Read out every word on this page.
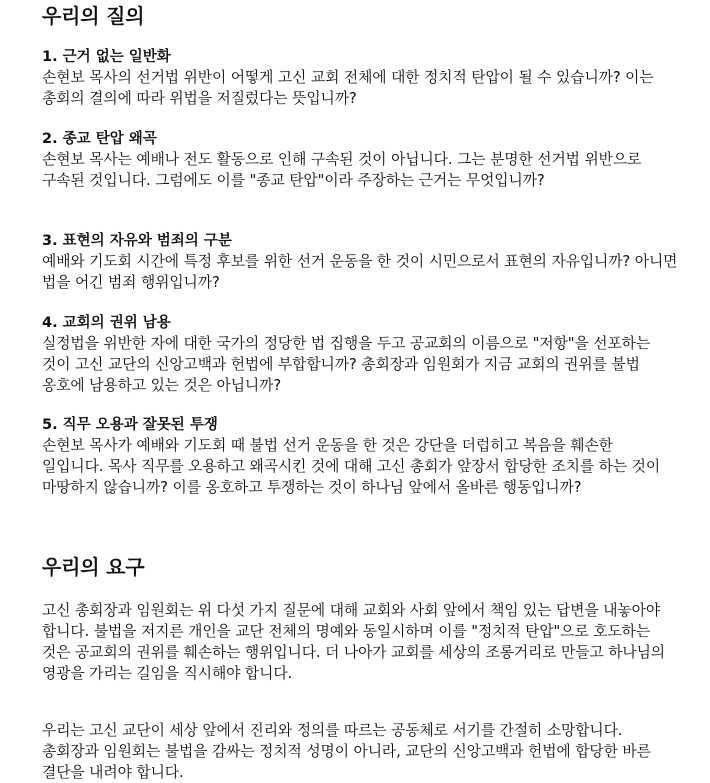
우리의 질의

1. 근거 없는 일반화

손현보 목사의 선거법 위반이 어떻게 고신 교회 전체에 대한 정치적 탄압이 될 수 있습니까? 이는 총회의 결의에 따라 위법을 저질렀다는 뜻입니까?

2. 종교 탄압 왜곡

손현보 목사는 예배나 전도 활동으로 인해 구속된 것이 아닙니다. 그는 분명한 선거법 위반으로 구속된 것입니다. 그럼에도 이를 "종교 탄압"이라 주장하는 근거는 무엇입니까?

3. 표현의 자유와 범죄의 구분

예배와 기도회 시간에 특정 후보를 위한 선거 운동을 한 것이 시민으로서 표현의 자유입니까? 아니면 법을 어긴 범죄 행위입니까?

4. 교회의 권위 남용

실정법을 위반한 자에 대한 국가의 정당한 법 집행을 두고 공교회의 이름으로 "저항"을 선포하는 것이 고신 교단의 신앙고백과 헌법에 부합합니까? 총회장과 임원회가 지금 교회의 권위를 불법 옹호에 남용하고 있는 것은 아닙니까?

5. 직무 오용과 잘못된 투쟁

손현보 목사가 예배와 기도회 때 불법 선거 운동을 한 것은 강단을 더럽히고 복음을 훼손한 일입니다. 목사 직무를 오용하고 왜곡시킨 것에 대해 고신 총회가 앞장서 합당한 조치를 하는 것이 마땅하지 않습니까? 이를 옹호하고 투쟁하는 것이 하나님 앞에서 올바른 행동입니까?

우리의 요구

고신 총회장과 임원회는 위 다섯 가지 질문에 대해 교회와 사회 앞에서 책임 있는 답변을 내놓아야 합니다. 불법을 저지른 개인을 교단 전체의 명예와 동일시하며 이를 "정치적 탄압"으로 호도하는 것은 공교회의 권위를 훼손하는 행위입니다. 더 나아가 교회를 세상의 조롱거리로 만들고 하나님의 영광을 가리는 길임을 직시해야 합니다.

우리는 고신 교단이 세상 앞에서 진리와 정의를 따르는 공동체로 서기를 간절히 소망합니다. 총회장과 임원회는 불법을 감싸는 정치적 성명이 아니라, 교단의 신앙고백과 헌법에 합당한 바른 결단을 내려야 합니다.
